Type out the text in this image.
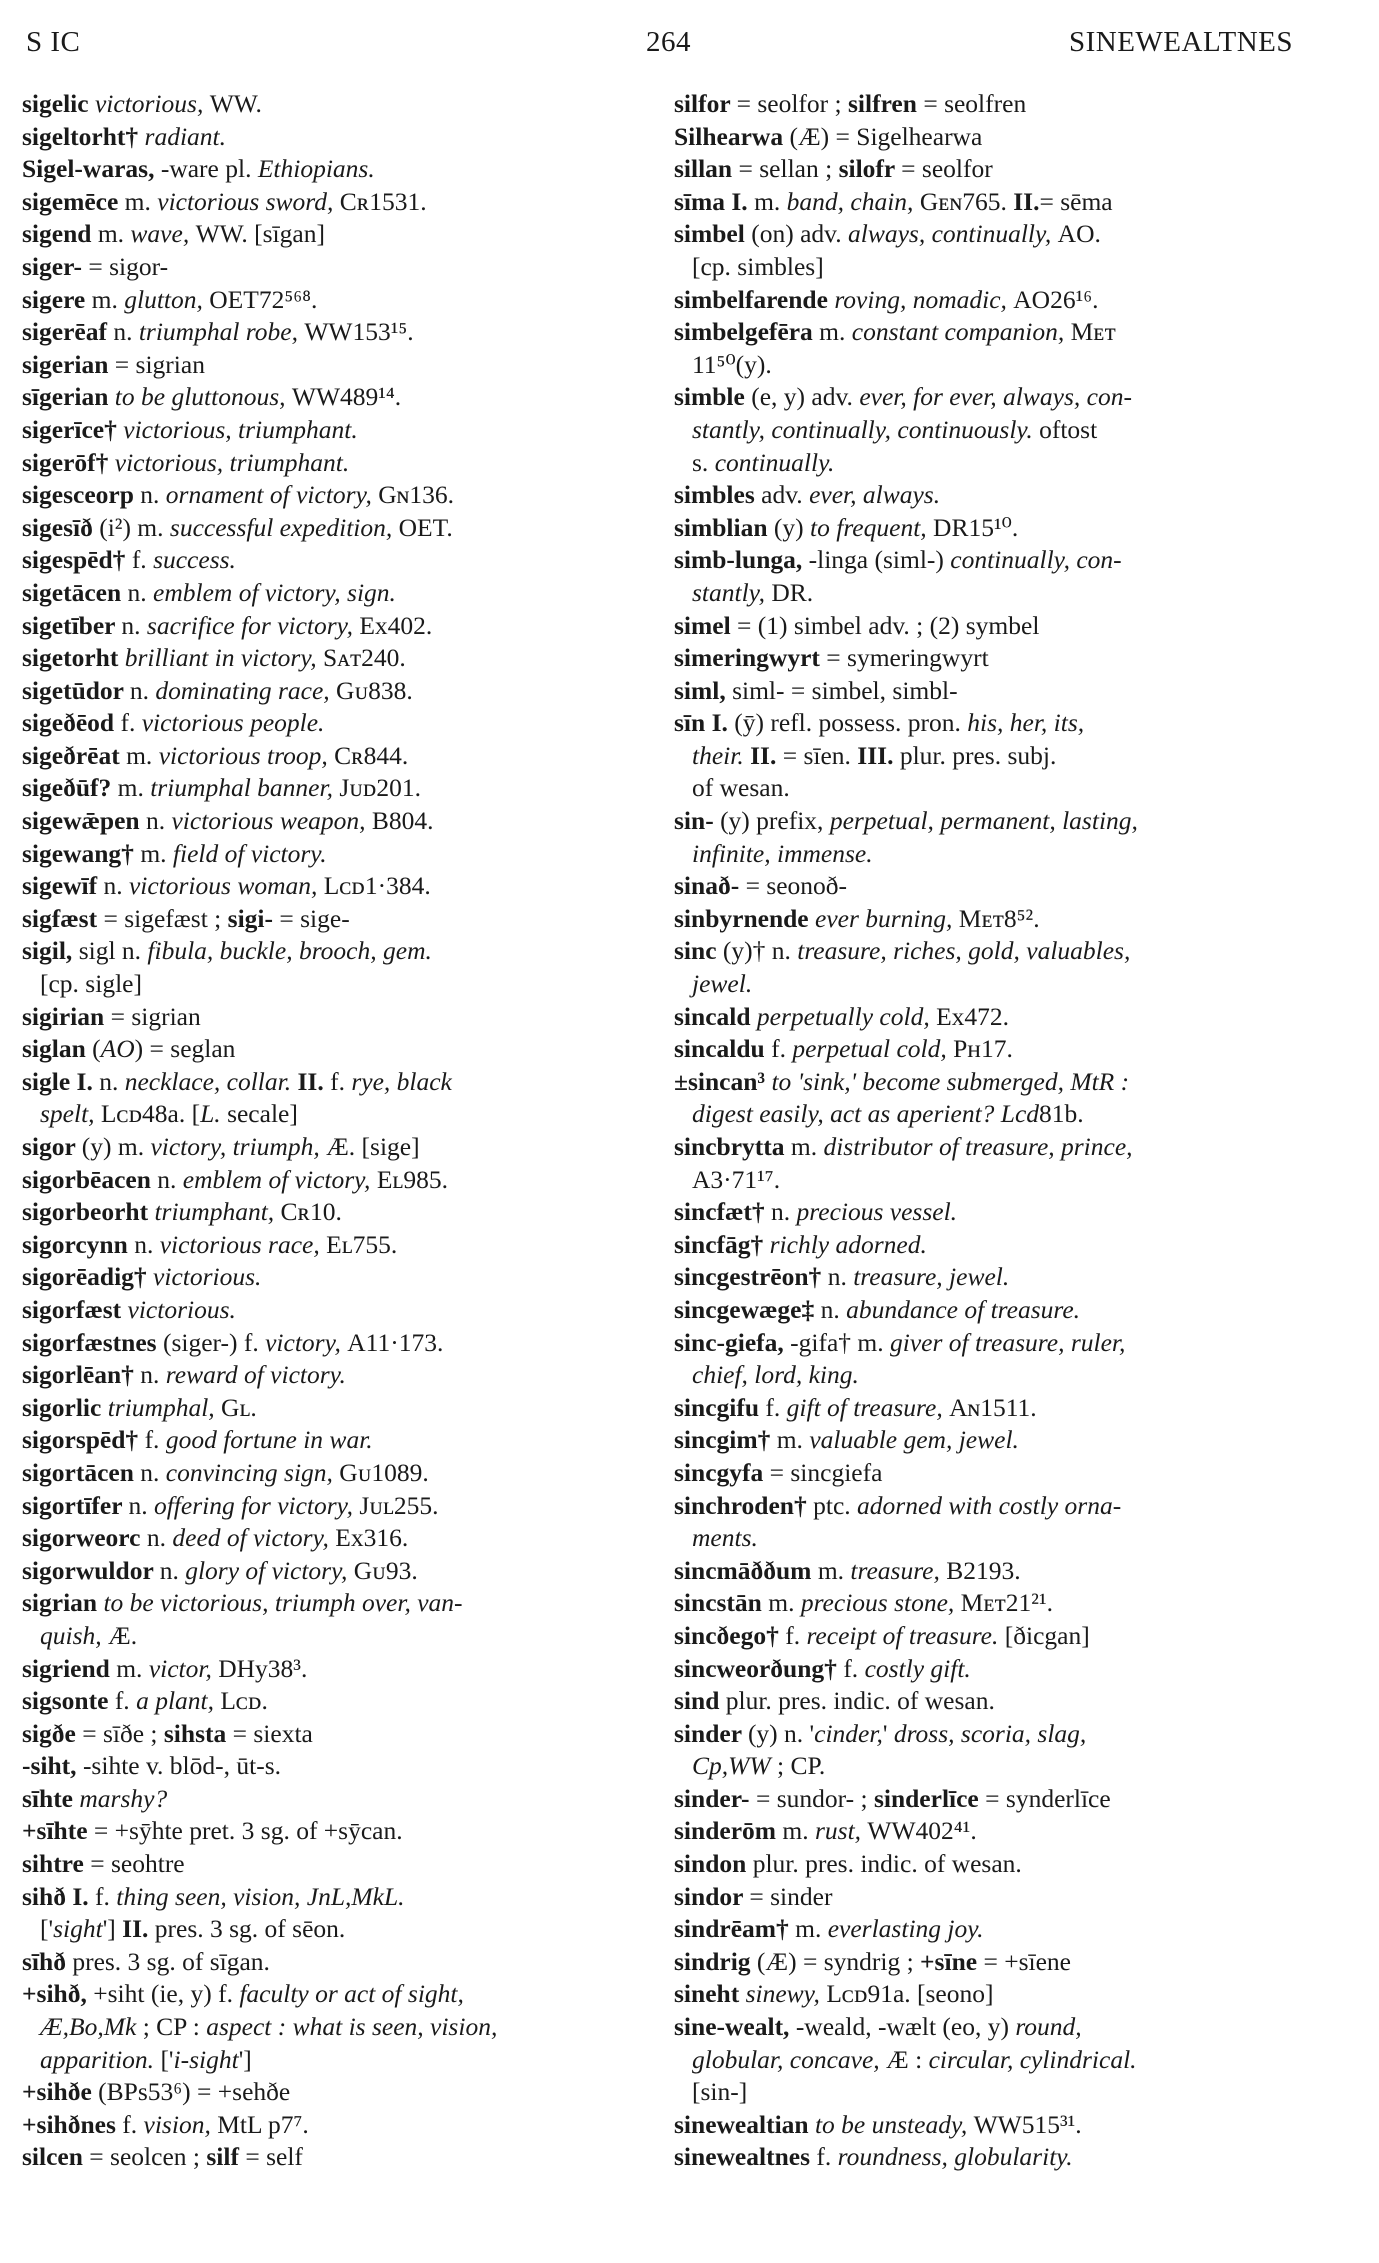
S IC	264	SINEWEALTNES
sigelic victorious, WW.
sigeltorht† radiant.
Sigel-waras, -ware pl. Ethiopians.
sigemēce m. victorious sword, Cʀ1531.
sigend m. wave, WW. [sīgan]
siger- = sigor-
sigere m. glutton, OET72⁵⁶⁸.
sigerēaf n. triumphal robe, WW153¹⁵.
sigerian = sigrian
sīgerian to be gluttonous, WW489¹⁴.
sigerīce† victorious, triumphant.
sigerōf† victorious, triumphant.
sigesceorp n. ornament of victory, Gɴ136.
sigesīð (i²) m. successful expedition, OET.
sigespēd† f. success.
sigetācen n. emblem of victory, sign.
sigetīber n. sacrifice for victory, Ex402.
sigetorht brilliant in victory, Sᴀᴛ240.
sigetūdor n. dominating race, Gᴜ838.
sigeðēod f. victorious people.
sigeðrēat m. victorious troop, Cʀ844.
sigeðūf? m. triumphal banner, Jᴜᴅ201.
sigewǣpen n. victorious weapon, B804.
sigewang† m. field of victory.
sigewīf n. victorious woman, Lᴄᴅ1·384.
sigfæst = sigefæst ; sigi- = sige-
sigil, sigl n. fibula, buckle, brooch, gem.
[cp. sigle]
sigirian = sigrian
siglan (AO) = seglan
sigle I. n. necklace, collar. II. f. rye, black
spelt, Lᴄᴅ48a. [L. secale]
sigor (y) m. victory, triumph, Æ. [sige]
sigorbēacen n. emblem of victory, Eʟ985.
sigorbeorht triumphant, Cʀ10.
sigorcynn n. victorious race, Eʟ755.
sigorēadig† victorious.
sigorfæst victorious.
sigorfæstnes (siger-) f. victory, A11·173.
sigorlēan† n. reward of victory.
sigorlic triumphal, Gʟ.
sigorspēd† f. good fortune in war.
sigortācen n. convincing sign, Gᴜ1089.
sigortīfer n. offering for victory, Jᴜʟ255.
sigorweorc n. deed of victory, Ex316.
sigorwuldor n. glory of victory, Gᴜ93.
sigrian to be victorious, triumph over, van-
quish, Æ.
sigriend m. victor, DHy38³.
sigsonte f. a plant, Lᴄᴅ.
sigðe = sīðe ; sihsta = siexta
-siht, -sihte v. blōd-, ūt-s.
sīhte marshy?
+sīhte = +sȳhte pret. 3 sg. of +sȳcan.
sihtre = seohtre
sihð I. f. thing seen, vision, JnL,MkL.
['sight'] II. pres. 3 sg. of sēon.
sīhð pres. 3 sg. of sīgan.
+sihð, +siht (ie, y) f. faculty or act of sight,
Æ,Bo,Mk ; CP : aspect : what is seen, vision,
apparition. ['i-sight']
+sihðe (BPs53⁶) = +sehðe
+sihðnes f. vision, MtL p7⁷.
silcen = seolcen ; silf = self
silfor = seolfor ; silfren = seolfren
Silhearwa (Æ) = Sigelhearwa
sillan = sellan ; silofr = seolfor
sīma I. m. band, chain, Gᴇɴ765. II.= sēma
simbel (on) adv. always, continually, AO.
[cp. simbles]
simbelfarende roving, nomadic, AO26¹⁶.
simbelgefēra m. constant companion, Mᴇᴛ
11⁵⁰(y).
simble (e, y) adv. ever, for ever, always, con-
stantly, continually, continuously. oftost
s. continually.
simbles adv. ever, always.
simblian (y) to frequent, DR15¹⁰.
simb-lunga, -linga (siml-) continually, con-
stantly, DR.
simel = (1) simbel adv. ; (2) symbel
simeringwyrt = symeringwyrt
siml, siml- = simbel, simbl-
sīn I. (ȳ) refl. possess. pron. his, her, its,
their. II. = sīen. III. plur. pres. subj.
of wesan.
sin- (y) prefix, perpetual, permanent, lasting,
infinite, immense.
sinað- = seonoð-
sinbyrnende ever burning, Mᴇᴛ8⁵².
sinc (y)† n. treasure, riches, gold, valuables,
jewel.
sincald perpetually cold, Ex472.
sincaldu f. perpetual cold, Pʜ17.
±sincan³ to 'sink,' become submerged, MtR :
digest easily, act as aperient? Lcd81b.
sincbrytta m. distributor of treasure, prince,
A3·71¹⁷.
sincfæt† n. precious vessel.
sincfāg† richly adorned.
sincgestrēon† n. treasure, jewel.
sincgewæge‡ n. abundance of treasure.
sinc-giefa, -gifa† m. giver of treasure, ruler,
chief, lord, king.
sincgifu f. gift of treasure, Aɴ1511.
sincgim† m. valuable gem, jewel.
sincgyfa = sincgiefa
sinchroden† ptc. adorned with costly orna-
ments.
sincmāððum m. treasure, B2193.
sincstān m. precious stone, Mᴇᴛ21²¹.
sincðego† f. receipt of treasure. [ðicgan]
sincweorðung† f. costly gift.
sind plur. pres. indic. of wesan.
sinder (y) n. 'cinder,' dross, scoria, slag,
Cp,WW ; CP.
sinder- = sundor- ; sinderlīce = synderlīce
sinderōm m. rust, WW402⁴¹.
sindon plur. pres. indic. of wesan.
sindor = sinder
sindrēam† m. everlasting joy.
sindrig (Æ) = syndrig ; +sīne = +sīene
sineht sinewy, Lᴄᴅ91a. [seono]
sine-wealt, -weald, -wælt (eo, y) round,
globular, concave, Æ : circular, cylindrical.
[sin-]
sinewealtian to be unsteady, WW515³¹.
sinewealtnes f. roundness, globularity.
